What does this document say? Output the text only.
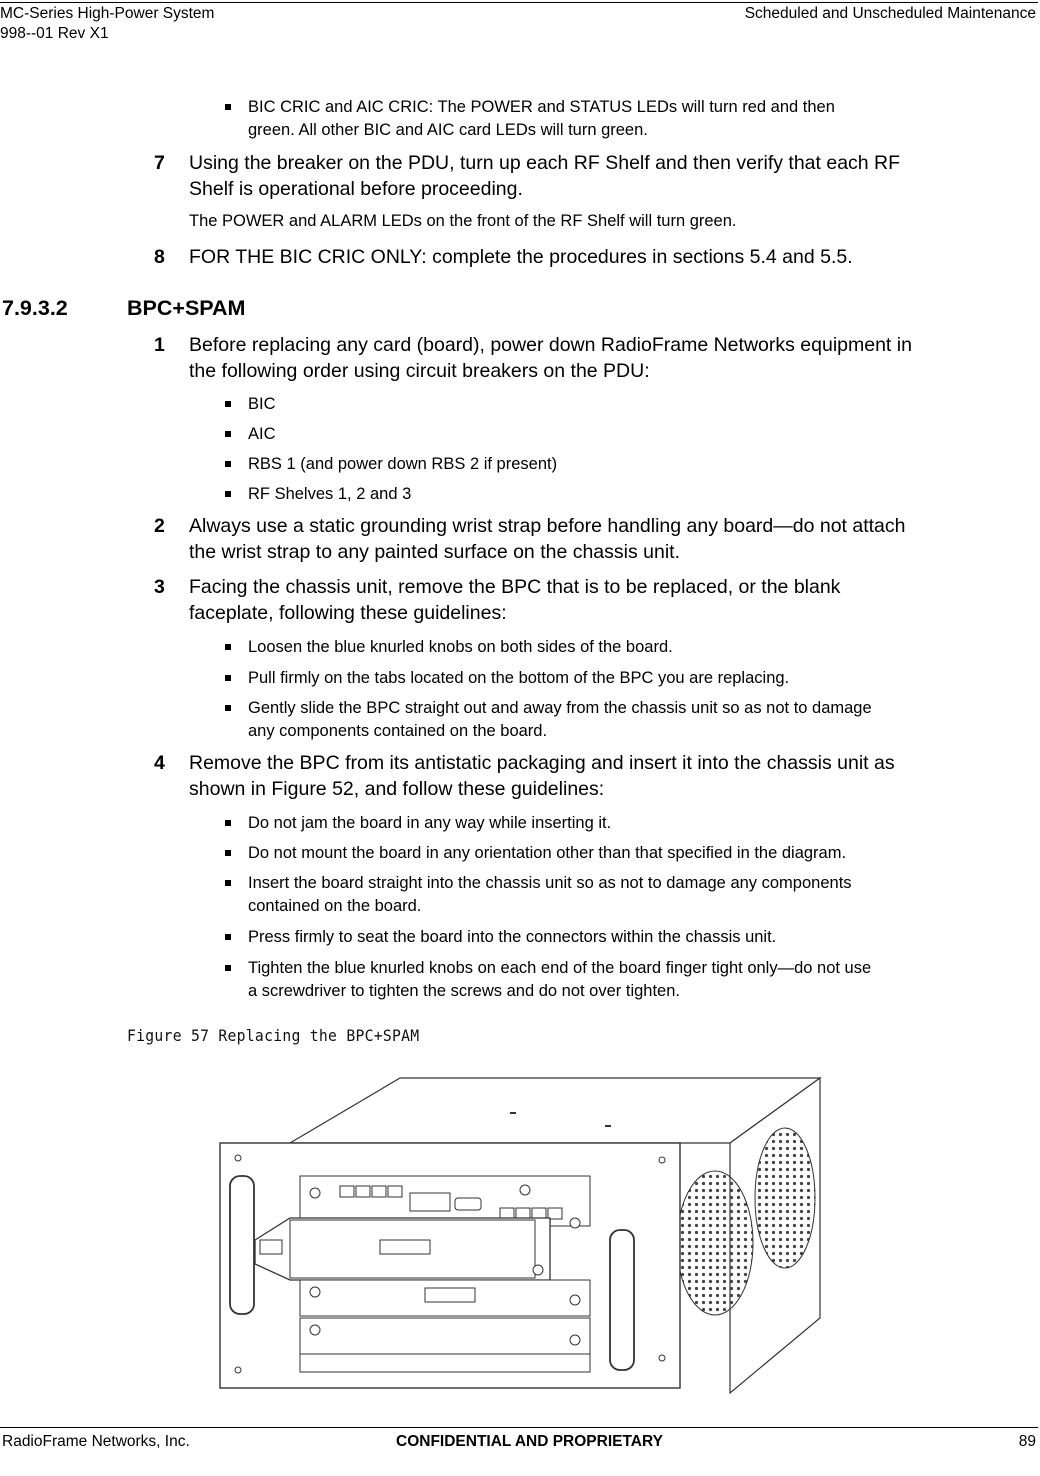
MC-Series High-Power System
998--01 Rev X1
Scheduled and Unscheduled Maintenance
BIC CRIC and AIC CRIC: The POWER and STATUS LEDs will turn red and then
green. All other BIC and AIC card LEDs will turn green.
7 Using the breaker on the PDU, turn up each RF Shelf and then verify that each RF
Shelf is operational before proceeding.
The POWER and ALARM LEDs on the front of the RF Shelf will turn green.
8 FOR THE BIC CRIC ONLY: complete the procedures in sections 5.4 and 5.5.
7.9.3.2	BPC+SPAM
1 Before replacing any card (board), power down RadioFrame Networks equipment in
the following order using circuit breakers on the PDU:
BIC
AIC
RBS 1 (and power down RBS 2 if present)
RF Shelves 1, 2 and 3
2 Always use a static grounding wrist strap before handling any board—do not attach
the wrist strap to any painted surface on the chassis unit.
3 Facing the chassis unit, remove the BPC that is to be replaced, or the blank
faceplate, following these guidelines:
Loosen the blue knurled knobs on both sides of the board.
Pull firmly on the tabs located on the bottom of the BPC you are replacing.
Gently slide the BPC straight out and away from the chassis unit so as not to damage
any components contained on the board.
4 Remove the BPC from its antistatic packaging and insert it into the chassis unit as
shown in Figure 52, and follow these guidelines:
Do not jam the board in any way while inserting it.
Do not mount the board in any orientation other than that specified in the diagram.
Insert the board straight into the chassis unit so as not to damage any components
contained on the board.
Press firmly to seat the board into the connectors within the chassis unit.
Tighten the blue knurled knobs on each end of the board finger tight only—do not use
a screwdriver to tighten the screws and do not over tighten.
Figure 57 Replacing the BPC+SPAM
RadioFrame Networks, Inc.	CONFIDENTIAL AND PROPRIETARY	89
